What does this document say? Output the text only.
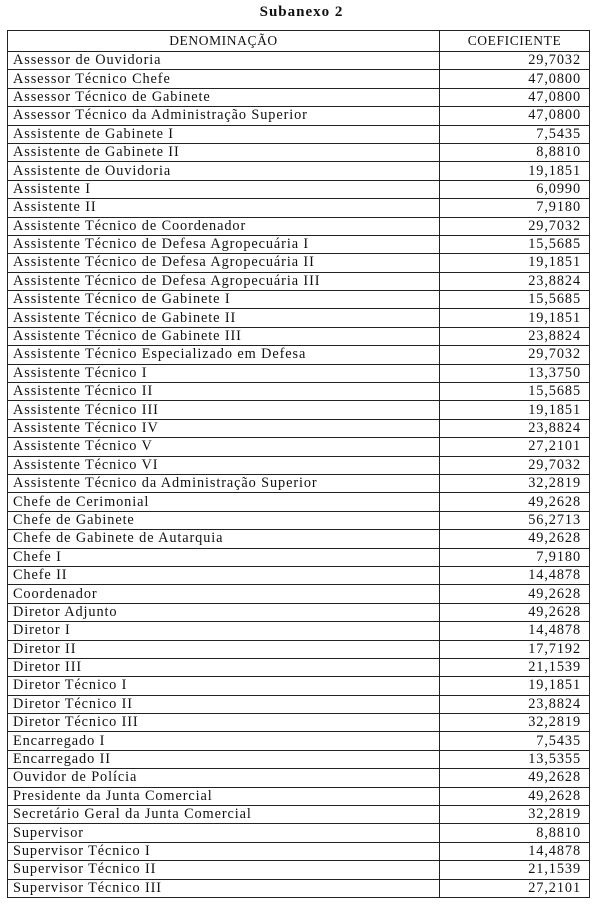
Subanexo 2
DENOMINAÇÃO	COEFICIENTE
Assessor de Ouvidoria	29,7032
Assessor Técnico Chefe	47,0800
Assessor Técnico de Gabinete	47,0800
Assessor Técnico da Administração Superior	47,0800
Assistente de Gabinete I	7,5435
Assistente de Gabinete II	8,8810
Assistente de Ouvidoria	19,1851
Assistente I	6,0990
Assistente II	7,9180
Assistente Técnico de Coordenador	29,7032
Assistente Técnico de Defesa Agropecuária I	15,5685
Assistente Técnico de Defesa Agropecuária II	19,1851
Assistente Técnico de Defesa Agropecuária III	23,8824
Assistente Técnico de Gabinete I	15,5685
Assistente Técnico de Gabinete II	19,1851
Assistente Técnico de Gabinete III	23,8824
Assistente Técnico Especializado em Defesa	29,7032
Assistente Técnico I	13,3750
Assistente Técnico II	15,5685
Assistente Técnico III	19,1851
Assistente Técnico IV	23,8824
Assistente Técnico V	27,2101
Assistente Técnico VI	29,7032
Assistente Técnico da Administração Superior	32,2819
Chefe de Cerimonial	49,2628
Chefe de Gabinete	56,2713
Chefe de Gabinete de Autarquia	49,2628
Chefe I	7,9180
Chefe II	14,4878
Coordenador	49,2628
Diretor Adjunto	49,2628
Diretor I	14,4878
Diretor II	17,7192
Diretor III	21,1539
Diretor Técnico I	19,1851
Diretor Técnico II	23,8824
Diretor Técnico III	32,2819
Encarregado I	7,5435
Encarregado II	13,5355
Ouvidor de Polícia	49,2628
Presidente da Junta Comercial	49,2628
Secretário Geral da Junta Comercial	32,2819
Supervisor	8,8810
Supervisor Técnico I	14,4878
Supervisor Técnico II	21,1539
Supervisor Técnico III	27,2101
